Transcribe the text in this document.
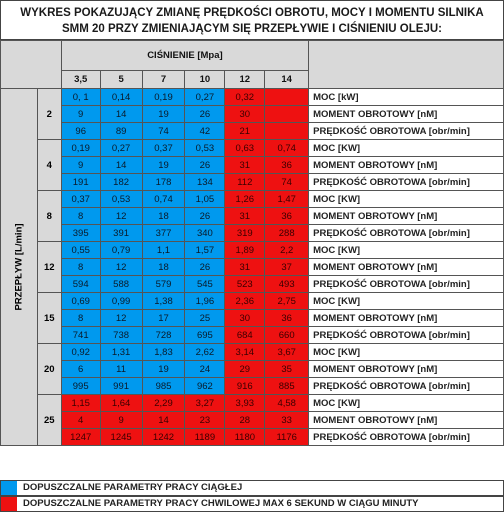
WYKRES POKAZUJĄCY ZMIANĘ PRĘDKOŚCI OBROTU, MOCY I MOMENTU SILNIKA
SMM 20 PRZY ZMIENIAJĄCYM SIĘ PRZEPŁYWIE I CIŚNIENIU OLEJU:
		CIŚNIENIE [Mpa]						
		3,5	5	7	10	12	14	

PRZEPŁYW [L/min]	2	0, 1	0,14	0,19	0,27	0,32		MOC [kW]
		9	14	19	26	30		MOMENT OBROTOWY [nM]
		96	89	74	42	21		PRĘDKOŚĆ OBROTOWA [obr/min]
	4	0,19	0,27	0,37	0,53	0,63	0,74	MOC [KW]
		9	14	19	26	31	36	MOMENT OBROTOWY [nM]
		191	182	178	134	112	74	PRĘDKOŚĆ OBROTOWA [obr/min]
	8	0,37	0,53	0,74	1,05	1,26	1,47	MOC [KW]
		8	12	18	26	31	36	MOMENT OBROTOWY [nM]
		395	391	377	340	319	288	PRĘDKOŚĆ OBROTOWA [obr/min]
	12	0,55	0,79	1,1	1,57	1,89	2,2	MOC [KW]
		8	12	18	26	31	37	MOMENT OBROTOWY [nM]
		594	588	579	545	523	493	PRĘDKOŚĆ OBROTOWA [obr/min]
	15	0,69	0,99	1,38	1,96	2,36	2,75	MOC [KW]
		8	12	17	25	30	36	MOMENT OBROTOWY [nM]
		741	738	728	695	684	660	PRĘDKOŚĆ OBROTOWA [obr/min]
	20	0,92	1,31	1,83	2,62	3,14	3,67	MOC [KW]
		6	11	19	24	29	35	MOMENT OBROTOWY [nM]
		995	991	985	962	916	885	PRĘDKOŚĆ OBROTOWA [obr/min]
	25	1,15	1,64	2,29	3,27	3,93	4,58	MOC [KW]
		4	9	14	23	28	33	MOMENT OBROTOWY [nM]
		1247	1245	1242	1189	1180	1176	PRĘDKOŚĆ OBROTOWA [obr/min]
DOPUSZCZALNE PARAMETRY PRACY CIĄGŁEJ
DOPUSZCZALNE PARAMETRY PRACY CHWILOWEJ MAX 6 SEKUND W CIĄGU MINUTY
